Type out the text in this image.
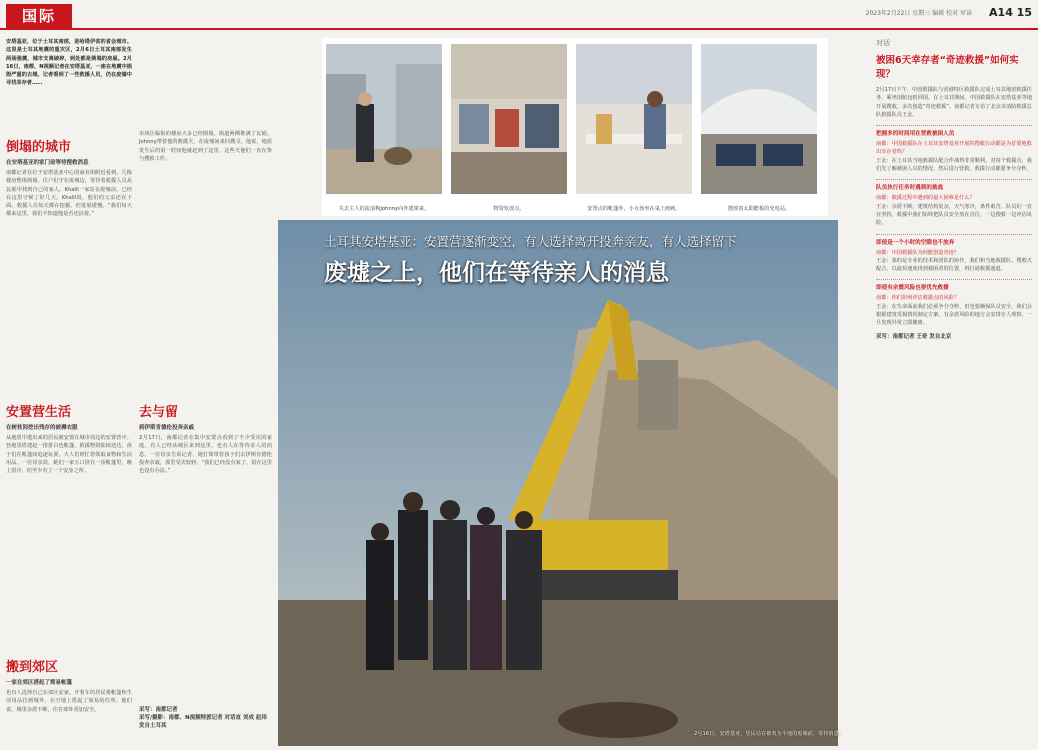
国际	2023年2月22日 星期三 编辑 校对 审读 A14 15
安塔基亚，位于土耳其南部，是哈塔伊省的省会城市。这里是土耳其地震的重灾区，2月6日土耳其南部发生两场强震，城市支离破碎，到处都是倒塌的房屋。2月16日，南都、N视频记者在安塔基亚，一座在地震中损毁严重的古城，记者看到了一些救援人员，仍在废墟中寻找幸存者……
倒塌的城市
在安塔基亚的家门前等待搜救消息
南都记者在位于安塔基亚中心的商业街附近看到，几栋楼房整体倒塌，住户们守在废墟边，等待着救援人员从瓦砾中找到自己的家人。Khalil一家站在废墟前，已经在这里守候了好几天。Khalil说，他们的父亲还在下面，救援人员每天都在挖掘，但进展缓慢。“我们每天都来这里，我们不知道他是否还活着。”
安置营生活
在树枝间挖出残存的被褥衣服
从地震中逃出来的居民被安置在城市周边的安置营中。营地里搭建起一排排白色帐篷，救援物资陆续送达。孩子们在帐篷间追逐玩耍，大人们则忙着领取食物和生活用品。一位母亲说，她们一家五口挤在一顶帐篷里，晚上很冷，但至少有了一个安身之所。
搬到郊区
一家在郊区搭起了简易帐篷
也有人选择自己在郊区安家。开着车的居民将帐篷和生活用品拉到城外，在空地上搭起了简易的住所。他们说，城里余震不断，住在郊外更加安全。
市场区临街的楼房大多已经倒塌，街道两侧堆满了瓦砾。Johnny带着他的救援犬，在废墟间来回搜寻。他说，地震发生后的第一时间他就赶到了这里，这些天他们一直在参与搜救工作。
去与留
到伊斯肯德伦投奔亲戚
2月17日，南都记者在集中安置点看到了不少受灾的家庭。有人已经从城区来到这里，也有人在等待亲人的消息。一位母亲告诉记者，她打算带着孩子们去伊斯肯德伦投奔亲戚，那里受灾较轻。“我们已经没有家了，留在这里也没有办法。”
采写：南都记者
采写/摄影：南都、N视频特派记者 对话直 刘成 赵玮 发自土耳其
失去主人的流浪狗Johnny向外逃窜来。	物资发放点。	安置点的帐篷外，小女孩坐在桌上画画。	摆放着太阳能板的充电站。
土耳其安塔基亚：安置营逐渐变空，有人选择离开投奔亲友，有人选择留下
废墟之上，他们在等待亲人的消息
2月16日，安塔基亚，居民站在被夷为平地的废墟前，等待消息。
对话
被困6天幸存者“奇迹救援”如何实现？
2月17日下午，中国救援队与香港特区救援队完成土耳其地震救援任务，乘坐国航包机回国。在土耳其期间，中国救援队在安塔基亚等地开展搜救，多次创造“奇迹救援”。南都记者专访了北京市消防救援总队救援队员王金。
把握多的时间用在营救被困人员
南都：中国救援队在土耳其安塔基亚开展的搜救行动都是为首要地救出幸存者吗？
王金：在土耳其当地救援队配合作战得非常顺利，对每个救援点，我们先了解被困人员的情况，然后进行营救，救援行动都要争分夺秒。
队员执行任务时遇到的挑战
南都：救援过程中遇到的最大困难是什么？
王金：余震不断，建筑结构复杂，天气寒冷，条件艰苦。队员们一直在坚持，救援中我们始终把队员安全放在首位，一边搜救一边评估风险。
即使是一个小时的空隙也不放弃
南都：中国救援队为何能创造奇迹？
王金：靠的是专业的技术和团队的协作，我们和当地救援队、搜救犬配合，以最快速度找到被困者的位置，再打通救援通道。
即使有余震风险也要优先救援
南都：你们如何评估救援点的风险？
王金：在生命面前我们必须争分夺秒，但也要确保队员安全。我们会根据建筑受损情况制定方案，有余震风险的地方会安排专人观察，一旦发现异常立即撤离。
采写：南都记者 王奇 发自北京
